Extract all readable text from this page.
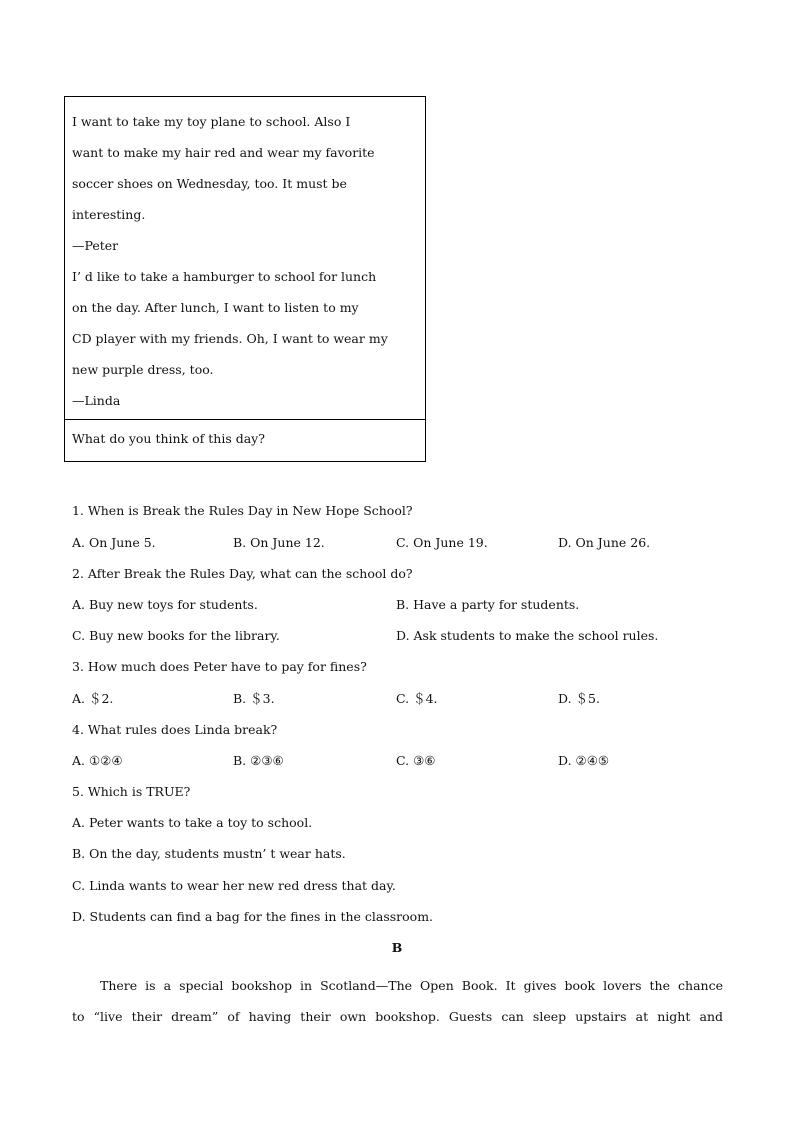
I want to take my toy plane to school. Also I

want to make my hair red and wear my favorite

soccer shoes on Wednesday, too. It must be

interesting.

—Peter

I’ d like to take a hamburger to school for lunch

on the day. After lunch, I want to listen to my

CD player with my friends. Oh, I want to wear my

new purple dress, too.

—Linda

What do you think of this day?
1. When is Break the Rules Day in New Hope School?
A. On June 5.	B. On June 12.	C. On June 19.	D. On June 26.
2. After Break the Rules Day, what can the school do?
A. Buy new toys for students.	B. Have a party for students.
C. Buy new books for the library.	D. Ask students to make the school rules.
3. How much does Peter have to pay for fines?
A. ＄2.	B. ＄3.	C. ＄4.	D. ＄5.
4. What rules does Linda break?
A. ①②④	B. ②③⑥	C. ③⑥	D. ②④⑤
5. Which is TRUE?
A. Peter wants to take a toy to school.
B. On the day, students mustn’ t wear hats.
C. Linda wants to wear her new red dress that day.
D. Students can find a bag for the fines in the classroom.
B

There is a special bookshop in Scotland—The Open Book. It gives book lovers the chance

to “live their dream” of having their own bookshop. Guests can sleep upstairs at night and
